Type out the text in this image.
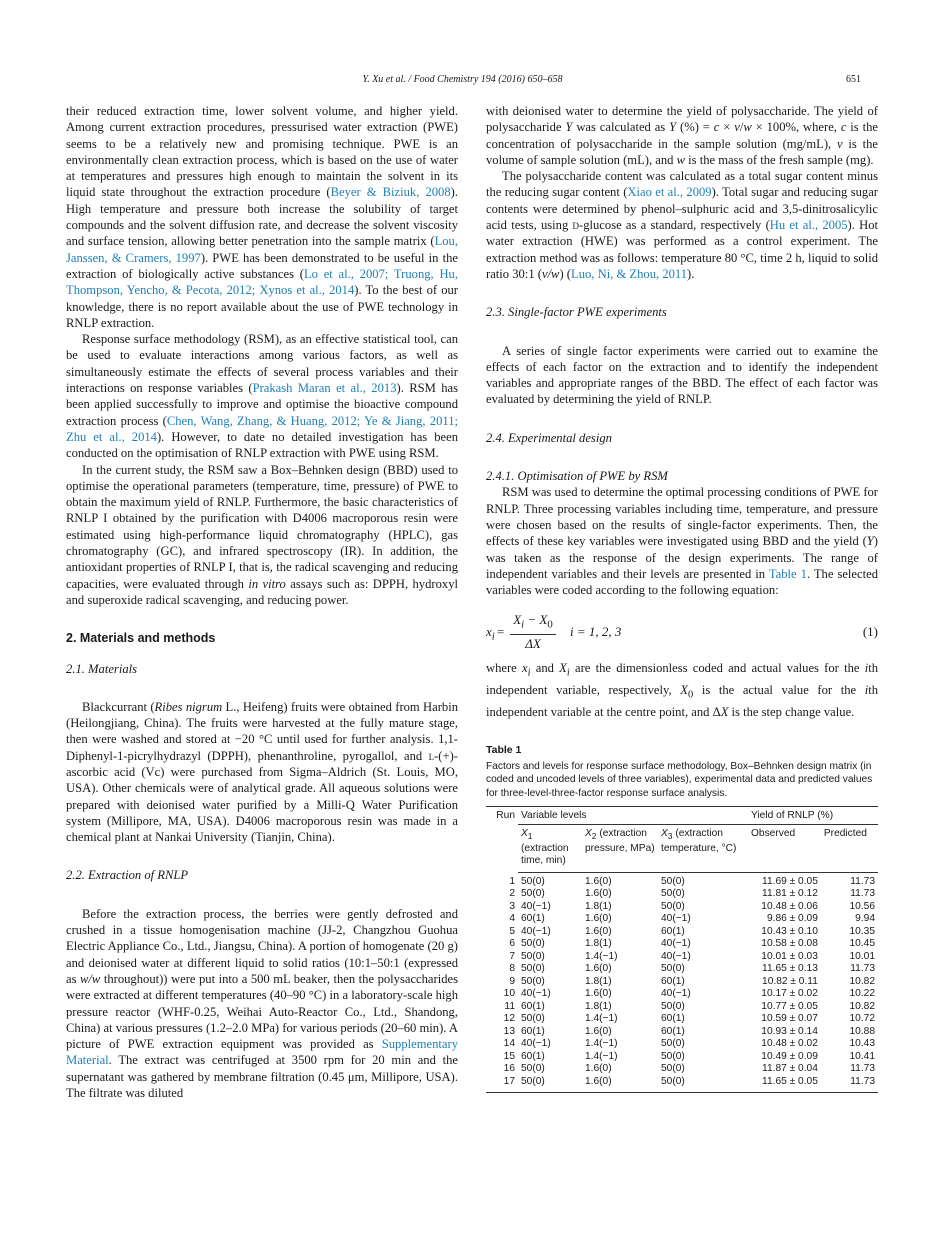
Y. Xu et al. / Food Chemistry 194 (2016) 650–658	651

their reduced extraction time, lower solvent volume, and higher yield. Among current extraction procedures, pressurised water extraction (PWE) seems to be a relatively new and promising technique. PWE is an environmentally clean extraction process, which is based on the use of water at temperatures and pressures high enough to maintain the solvent in its liquid state throughout the extraction procedure (Beyer & Biziuk, 2008). High temperature and pressure both increase the solubility of target compounds and the solvent diffusion rate, and decrease the solvent viscosity and surface tension, allowing better penetration into the sample matrix (Lou, Janssen, & Cramers, 1997). PWE has been demonstrated to be useful in the extraction of biologically active substances (Lo et al., 2007; Truong, Hu, Thompson, Yencho, & Pecota, 2012; Xynos et al., 2014). To the best of our knowledge, there is no report available about the use of PWE technology in RNLP extraction.

Response surface methodology (RSM), as an effective statistical tool, can be used to evaluate interactions among various factors, as well as simultaneously estimate the effects of several process variables and their interactions on response variables (Prakash Maran et al., 2013). RSM has been applied successfully to improve and optimise the bioactive compound extraction process (Chen, Wang, Zhang, & Huang, 2012; Ye & Jiang, 2011; Zhu et al., 2014). However, to date no detailed investigation has been conducted on the optimisation of RNLP extraction with PWE using RSM.

In the current study, the RSM saw a Box–Behnken design (BBD) used to optimise the operational parameters (temperature, time, pressure) of PWE to obtain the maximum yield of RNLP. Furthermore, the basic characteristics of RNLP I obtained by the purification with D4006 macroporous resin were estimated using high-performance liquid chromatography (HPLC), gas chromatography (GC), and infrared spectroscopy (IR). In addition, the antioxidant properties of RNLP I, that is, the radical scavenging and reducing capacities, were evaluated through in vitro assays such as: DPPH, hydroxyl and superoxide radical scavenging, and reducing power.

2. Materials and methods
2.1. Materials

Blackcurrant (Ribes nigrum L., Heifeng) fruits were obtained from Harbin (Heilongjiang, China). The fruits were harvested at the fully mature stage, then were washed and stored at −20 °C until used for further analysis. 1,1-Diphenyl-1-picrylhydrazyl (DPPH), phenanthroline, pyrogallol, and l-(+)-ascorbic acid (Vc) were purchased from Sigma–Aldrich (St. Louis, MO, USA). Other chemicals were of analytical grade. All aqueous solutions were prepared with deionised water purified by a Milli-Q Water Purification system (Millipore, MA, USA). D4006 macroporous resin was made in a chemical plant at Nankai University (Tianjin, China).

2.2. Extraction of RNLP

Before the extraction process, the berries were gently defrosted and crushed in a tissue homogenisation machine (JJ-2, Changzhou Guohua Electric Appliance Co., Ltd., Jiangsu, China). A portion of homogenate (20 g) and deionised water at different liquid to solid ratios (10:1–50:1 (expressed as w/w throughout)) were put into a 500 mL beaker, then the polysaccharides were extracted at different temperatures (40–90 °C) in a laboratory-scale high pressure reactor (WHF-0.25, Weihai Auto-Reactor Co., Ltd., Shandong, China) at various pressures (1.2–2.0 MPa) for various periods (20–60 min). A picture of PWE extraction equipment was provided as Supplementary Material. The extract was centrifuged at 3500 rpm for 20 min and the supernatant was gathered by membrane filtration (0.45 μm, Millipore, USA). The filtrate was diluted

with deionised water to determine the yield of polysaccharide. The yield of polysaccharide Y was calculated as Y (%) = c × v/w × 100%, where, c is the concentration of polysaccharide in the sample solution (mg/mL), v is the volume of sample solution (mL), and w is the mass of the fresh sample (mg).

The polysaccharide content was calculated as a total sugar content minus the reducing sugar content (Xiao et al., 2009). Total sugar and reducing sugar contents were determined by phenol–sulphuric acid and 3,5-dinitrosalicylic acid tests, using d-glucose as a standard, respectively (Hu et al., 2005). Hot water extraction (HWE) was performed as a control experiment. The extraction method was as follows: temperature 80 °C, time 2 h, liquid to solid ratio 30:1 (v/w) (Luo, Ni, & Zhou, 2011).

2.3. Single-factor PWE experiments

A series of single factor experiments were carried out to examine the effects of each factor on the extraction and to identify the independent variables and appropriate ranges of the BBD. The effect of each factor was evaluated by determining the yield of RNLP.

2.4. Experimental design
2.4.1. Optimisation of PWE by RSM

RSM was used to determine the optimal processing conditions of PWE for RNLP. Three processing variables including time, temperature, and pressure were chosen based on the results of single-factor experiments. Then, the effects of these key variables were investigated using BBD and the yield (Y) was taken as the response of the design experiments. The range of independent variables and their levels are presented in Table 1. The selected variables were coded according to the following equation:

$x_i = \frac{X_i - X_0}{\Delta X}$ i = 1, 2, 3	(1)

where $x_i$ and $X_i$ are the dimensionless coded and actual values for the ith independent variable, respectively, $X_0$ is the actual value for the ith independent variable at the centre point, and ΔX is the step change value.

Table 1
Factors and levels for response surface methodology, Box–Behnken design matrix (in coded and uncoded levels of three variables), experimental data and predicted values for three-level-three-factor response surface analysis.
Run	Variable levels			Yield of RNLP (%)	
	$X_1$
(extraction time, min)	$X_2$ (extraction pressure, MPa)	$X_3$ (extraction temperature, °C)	Observed	Predicted
1	50(0)	1.6(0)	50(0)	11.69 ± 0.05	11.73
2	50(0)	1.6(0)	50(0)	11.81 ± 0.12	11.73
3	40(−1)	1.8(1)	50(0)	10.48 ± 0.06	10.56
4	60(1)	1.6(0)	40(−1)	9.86 ± 0.09	9.94
5	40(−1)	1.6(0)	60(1)	10.43 ± 0.10	10.35
6	50(0)	1.8(1)	40(−1)	10.58 ± 0.08	10.45
7	50(0)	1.4(−1)	40(−1)	10.01 ± 0.03	10.01
8	50(0)	1.6(0)	50(0)	11.65 ± 0.13	11.73
9	50(0)	1.8(1)	60(1)	10.82 ± 0.11	10.82
10	40(−1)	1.6(0)	40(−1)	10.17 ± 0.02	10.22
11	60(1)	1.8(1)	50(0)	10.77 ± 0.05	10.82
12	50(0)	1.4(−1)	60(1)	10.59 ± 0.07	10.72
13	60(1)	1.6(0)	60(1)	10.93 ± 0.14	10.88
14	40(−1)	1.4(−1)	50(0)	10.48 ± 0.02	10.43
15	60(1)	1.4(−1)	50(0)	10.49 ± 0.09	10.41
16	50(0)	1.6(0)	50(0)	11.87 ± 0.04	11.73
17	50(0)	1.6(0)	50(0)	11.65 ± 0.05	11.73
